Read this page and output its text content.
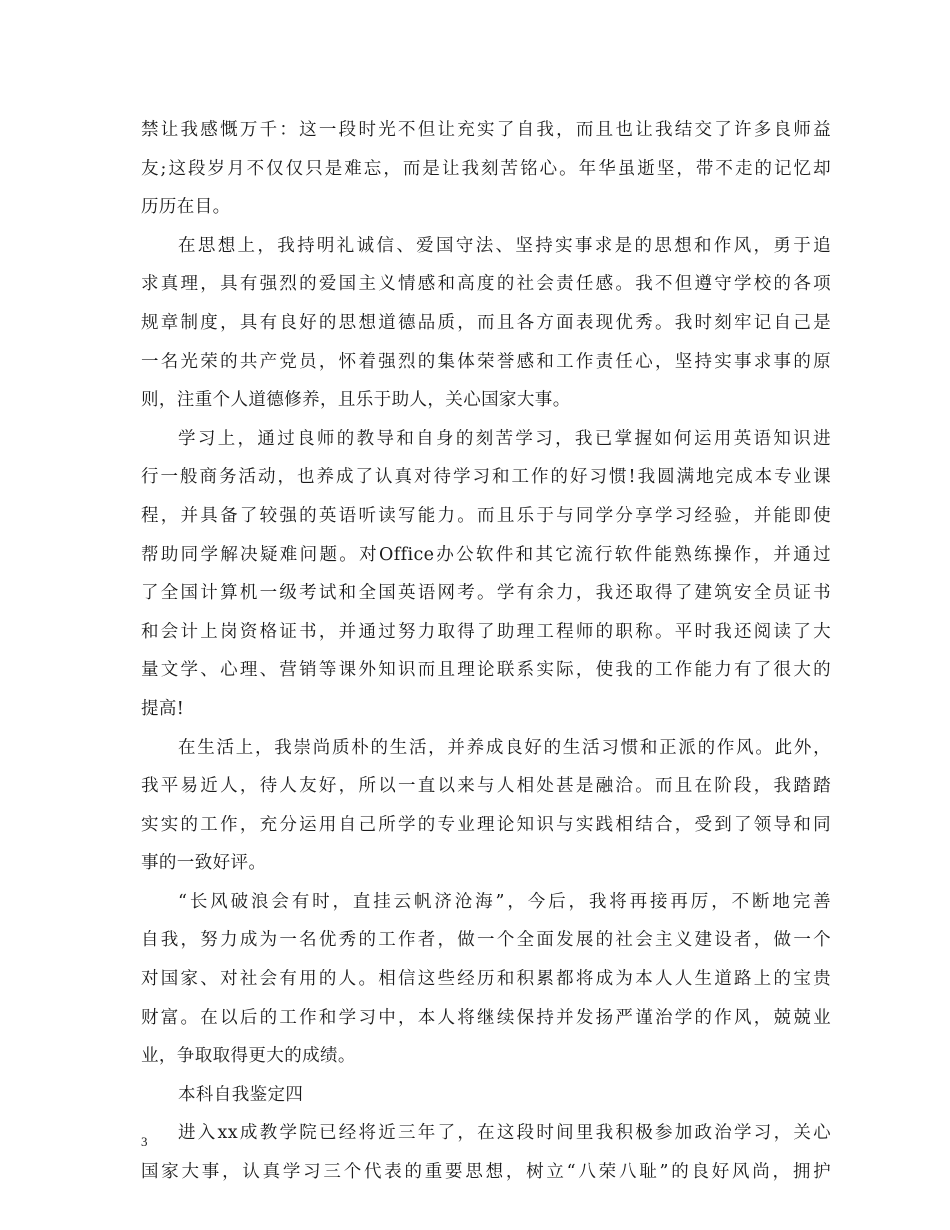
禁让我感慨万千：这一段时光不但让充实了自我，而且也让我结交了许多良师益
友;这段岁月不仅仅只是难忘，而是让我刻苦铭心。年华虽逝坚，带不走的记忆却
历历在目。
在思想上，我持明礼诚信、爱国守法、坚持实事求是的思想和作风，勇于追
求真理，具有强烈的爱国主义情感和高度的社会责任感。我不但遵守学校的各项
规章制度，具有良好的思想道德品质，而且各方面表现优秀。我时刻牢记自己是
一名光荣的共产党员，怀着强烈的集体荣誉感和工作责任心，坚持实事求事的原
则，注重个人道德修养，且乐于助人，关心国家大事。
学习上，通过良师的教导和自身的刻苦学习，我已掌握如何运用英语知识进
行一般商务活动，也养成了认真对待学习和工作的好习惯!我圆满地完成本专业课
程，并具备了较强的英语听读写能力。而且乐于与同学分享学习经验，并能即使
帮助同学解决疑难问题。对Office办公软件和其它流行软件能熟练操作，并通过
了全国计算机一级考试和全国英语网考。学有余力，我还取得了建筑安全员证书
和会计上岗资格证书，并通过努力取得了助理工程师的职称。平时我还阅读了大
量文学、心理、营销等课外知识而且理论联系实际，使我的工作能力有了很大的
提高!
在生活上，我崇尚质朴的生活，并养成良好的生活习惯和正派的作风。此外，
我平易近人，待人友好，所以一直以来与人相处甚是融洽。而且在阶段，我踏踏
实实的工作，充分运用自己所学的专业理论知识与实践相结合，受到了领导和同
事的一致好评。
“长风破浪会有时，直挂云帆济沧海”，今后，我将再接再厉，不断地完善
自我，努力成为一名优秀的工作者，做一个全面发展的社会主义建设者，做一个
对国家、对社会有用的人。相信这些经历和积累都将成为本人人生道路上的宝贵
财富。在以后的工作和学习中，本人将继续保持并发扬严谨治学的作风，兢兢业
业，争取取得更大的成绩。
本科自我鉴定四
进入xx成教学院已经将近三年了，在这段时间里我积极参加政治学习，关心
国家大事，认真学习三个代表的重要思想，树立“八荣八耻”的良好风尚，拥护
3
